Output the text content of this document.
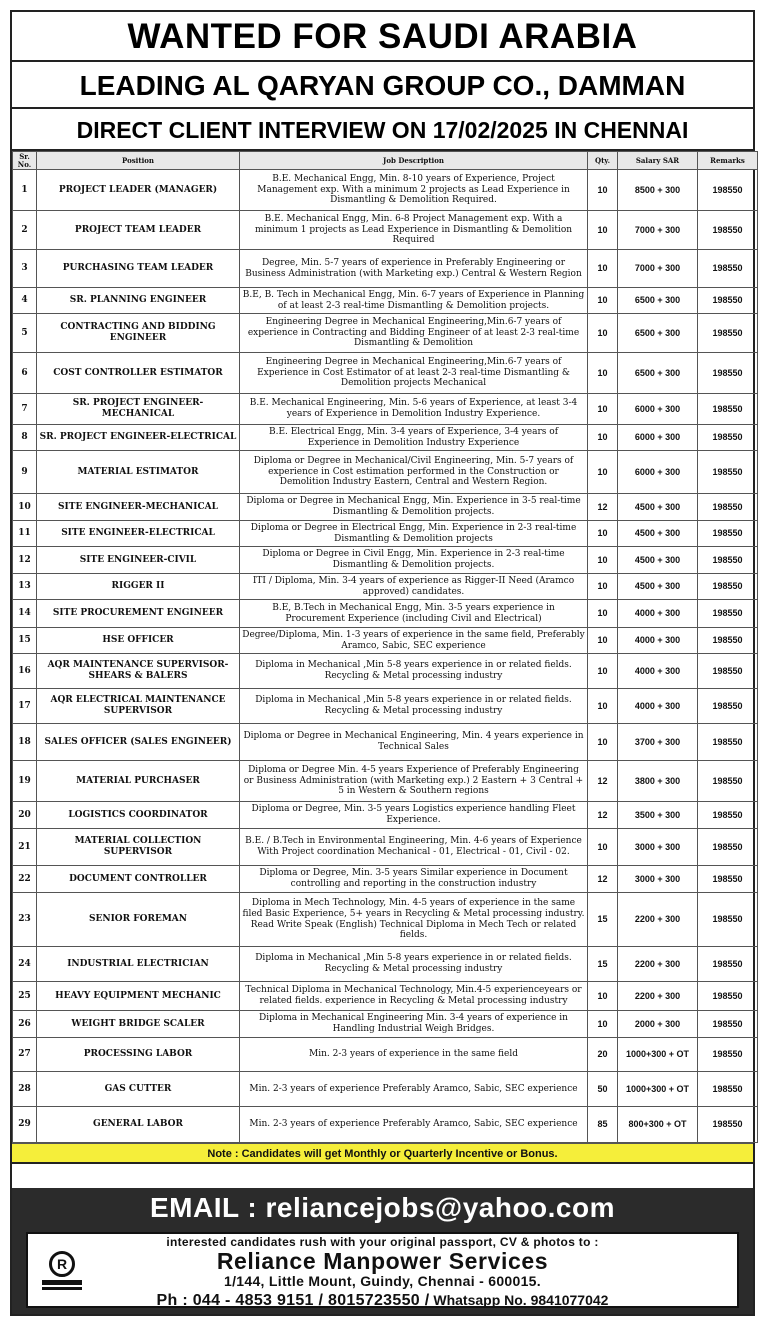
WANTED FOR SAUDI ARABIA
LEADING AL QARYAN GROUP CO., DAMMAN
DIRECT CLIENT INTERVIEW ON 17/02/2025 IN CHENNAI
Sr. No.	Position	Job Description	Qty.	Salary SAR	Remarks
1	PROJECT LEADER (MANAGER)	B.E. Mechanical Engg, Min. 8-10 years of Experience, Project Management exp. With a minimum 2 projects as Lead Experience in Dismantling & Demolition Required.	10	8500 + 300	198550
2	PROJECT TEAM LEADER	B.E. Mechanical Engg, Min. 6-8 Project Management exp. With a minimum 1 projects as Lead Experience in Dismantling & Demolition Required	10	7000 + 300	198550
3	PURCHASING TEAM LEADER	Degree, Min. 5-7 years of experience in Preferably Engineering or Business Administration (with Marketing exp.) Central & Western Region	10	7000 + 300	198550
4	SR. PLANNING ENGINEER	B.E, B. Tech in Mechanical Engg, Min. 6-7 years of Experience in Planning of at least 2-3 real-time Dismantling & Demolition projects.	10	6500 + 300	198550
5	CONTRACTING AND BIDDING ENGINEER	Engineering Degree in Mechanical Engineering,Min.6-7 years of experience in Contracting and Bidding Engineer of at least 2-3 real-time Dismantling & Demolition	10	6500 + 300	198550
6	COST CONTROLLER ESTIMATOR	Engineering Degree in Mechanical Engineering,Min.6-7 years of Experience in Cost Estimator of at least 2-3 real-time Dismantling & Demolition projects Mechanical	10	6500 + 300	198550
7	SR. PROJECT ENGINEER-MECHANICAL	B.E. Mechanical Engineering, Min. 5-6 years of Experience, at least 3-4 years of Experience in Demolition Industry Experience.	10	6000 + 300	198550
8	SR. PROJECT ENGINEER-ELECTRICAL	B.E. Electrical Engg, Min. 3-4 years of Experience, 3-4 years of Experience in Demolition Industry Experience	10	6000 + 300	198550
9	MATERIAL ESTIMATOR	Diploma or Degree in Mechanical/Civil Engineering, Min. 5-7 years of experience in Cost estimation performed in the Construction or Demolition Industry Eastern, Central and Western Region.	10	6000 + 300	198550
10	SITE ENGINEER-MECHANICAL	Diploma or Degree in Mechanical Engg, Min. Experience in 3-5 real-time Dismantling & Demolition projects.	12	4500 + 300	198550
11	SITE ENGINEER-ELECTRICAL	Diploma or Degree in Electrical Engg, Min. Experience in 2-3 real-time Dismantling & Demolition projects	10	4500 + 300	198550
12	SITE ENGINEER-CIVIL	Diploma or Degree in Civil Engg, Min. Experience in 2-3 real-time Dismantling & Demolition projects.	10	4500 + 300	198550
13	RIGGER II	ITI / Diploma, Min. 3-4 years of experience as Rigger-II Need (Aramco approved) candidates.	10	4500 + 300	198550
14	SITE PROCUREMENT ENGINEER	B.E, B.Tech in Mechanical Engg, Min. 3-5 years experience in Procurement Experience (including Civil and Electrical)	10	4000 + 300	198550
15	HSE OFFICER	Degree/Diploma, Min. 1-3 years of experience in the same field, Preferably Aramco, Sabic, SEC experience	10	4000 + 300	198550
16	AQR MAINTENANCE SUPERVISOR-SHEARS & BALERS	Diploma in Mechanical ,Min 5-8 years experience in or related fields. Recycling & Metal processing industry	10	4000 + 300	198550
17	AQR ELECTRICAL MAINTENANCE SUPERVISOR	Diploma in Mechanical ,Min 5-8 years experience in or related fields. Recycling & Metal processing industry	10	4000 + 300	198550
18	SALES OFFICER (SALES ENGINEER)	Diploma or Degree in Mechanical Engineering, Min. 4 years experience in Technical Sales	10	3700 + 300	198550
19	MATERIAL PURCHASER	Diploma or Degree Min. 4-5 years Experience of Preferably Engineering or Business Administration (with Marketing exp.) 2 Eastern + 3 Central + 5 in Western & Southern regions	12	3800 + 300	198550
20	LOGISTICS COORDINATOR	Diploma or Degree, Min. 3-5 years Logistics experience handling Fleet Experience.	12	3500 + 300	198550
21	MATERIAL COLLECTION SUPERVISOR	B.E. / B.Tech in Environmental Engineering, Min. 4-6 years of Experience With Project coordination Mechanical - 01, Electrical - 01, Civil - 02.	10	3000 + 300	198550
22	DOCUMENT CONTROLLER	Diploma or Degree, Min. 3-5 years Similar experience in Document controlling and reporting in the construction industry	12	3000 + 300	198550
23	SENIOR FOREMAN	Diploma in Mech Technology, Min. 4-5 years of experience in the same filed Basic Experience, 5+ years in Recycling & Metal processing industry. Read Write Speak (English) Technical Diploma in Mech Tech or related fields.	15	2200 + 300	198550
24	INDUSTRIAL ELECTRICIAN	Diploma in Mechanical ,Min 5-8 years experience in or related fields. Recycling & Metal processing industry	15	2200 + 300	198550
25	HEAVY EQUIPMENT MECHANIC	Technical Diploma in Mechanical Technology, Min.4-5 experienceyears or related fields. experience in Recycling & Metal processing industry	10	2200 + 300	198550
26	WEIGHT BRIDGE SCALER	Diploma in Mechanical Engineering Min. 3-4 years of experience in Handling Industrial Weigh Bridges.	10	2000 + 300	198550
27	PROCESSING LABOR	Min. 2-3 years of experience in the same field	20	1000+300 + OT	198550
28	GAS CUTTER	Min. 2-3 years of experience Preferably Aramco, Sabic, SEC experience	50	1000+300 + OT	198550
29	GENERAL LABOR	Min. 2-3 years of experience Preferably Aramco, Sabic, SEC experience	85	800+300 + OT	198550
Note : Candidates will get Monthly or Quarterly Incentive or Bonus.
EMAIL : reliancejobs@yahoo.com
interested candidates rush with your original passport, CV & photos to :
R	Reliance Manpower Services
1/144, Little Mount, Guindy, Chennai - 600015.
Ph : 044 - 4853 9151 / 8015723550 / Whatsapp No. 9841077042
